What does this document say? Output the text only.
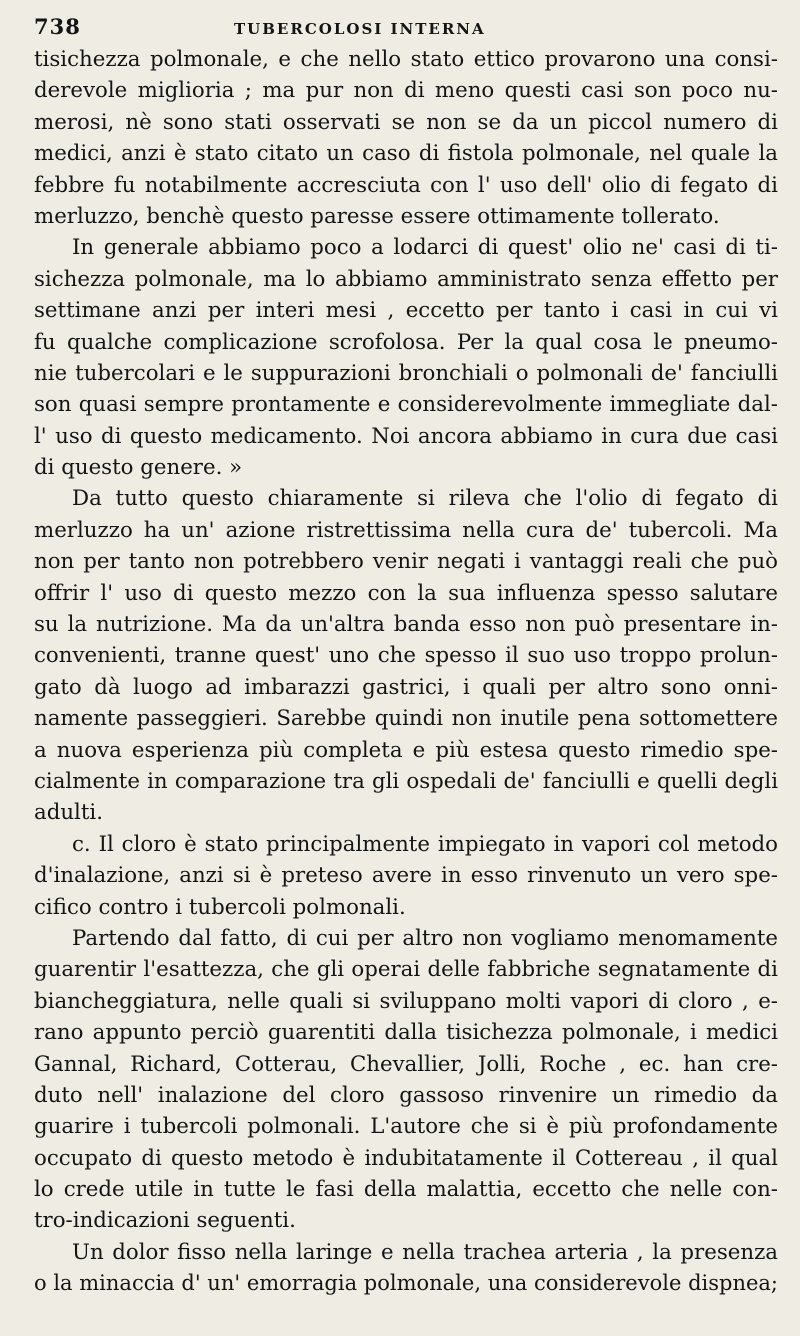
738	TUBERCOLOSI INTERNA
tisichezza polmonale, e che nello stato ettico provarono una consi-
derevole miglioria ; ma pur non di meno questi casi son poco nu-
merosi, nè sono stati osservati se non se da un piccol numero di
medici, anzi è stato citato un caso di fistola polmonale, nel quale la
febbre fu notabilmente accresciuta con l' uso dell' olio di fegato di
merluzzo, benchè questo paresse essere ottimamente tollerato.
In generale abbiamo poco a lodarci di quest' olio ne' casi di ti-
sichezza polmonale, ma lo abbiamo amministrato senza effetto per
settimane anzi per interi mesi , eccetto per tanto i casi in cui vi
fu qualche complicazione scrofolosa. Per la qual cosa le pneumo-
nie tubercolari e le suppurazioni bronchiali o polmonali de' fanciulli
son quasi sempre prontamente e considerevolmente immegliate dal-
l' uso di questo medicamento. Noi ancora abbiamo in cura due casi
di questo genere. »
Da tutto questo chiaramente si rileva che l'olio di fegato di
merluzzo ha un' azione ristrettissima nella cura de' tubercoli. Ma
non per tanto non potrebbero venir negati i vantaggi reali che può
offrir l' uso di questo mezzo con la sua influenza spesso salutare
su la nutrizione. Ma da un'altra banda esso non può presentare in-
convenienti, tranne quest' uno che spesso il suo uso troppo prolun-
gato dà luogo ad imbarazzi gastrici, i quali per altro sono onni-
namente passeggieri. Sarebbe quindi non inutile pena sottomettere
a nuova esperienza più completa e più estesa questo rimedio spe-
cialmente in comparazione tra gli ospedali de' fanciulli e quelli degli
adulti.
c. Il cloro è stato principalmente impiegato in vapori col metodo
d'inalazione, anzi si è preteso avere in esso rinvenuto un vero spe-
cifico contro i tubercoli polmonali.
Partendo dal fatto, di cui per altro non vogliamo menomamente
guarentir l'esattezza, che gli operai delle fabbriche segnatamente di
biancheggiatura, nelle quali si sviluppano molti vapori di cloro , e-
rano appunto perciò guarentiti dalla tisichezza polmonale, i medici
Gannal, Richard, Cotterau, Chevallier, Jolli, Roche , ec. han cre-
duto nell' inalazione del cloro gassoso rinvenire un rimedio da
guarire i tubercoli polmonali. L'autore che si è più profondamente
occupato di questo metodo è indubitatamente il Cottereau , il qual
lo crede utile in tutte le fasi della malattia, eccetto che nelle con-
tro-indicazioni seguenti.
Un dolor fisso nella laringe e nella trachea arteria , la presenza
o la minaccia d' un' emorragia polmonale, una considerevole dispnea;
